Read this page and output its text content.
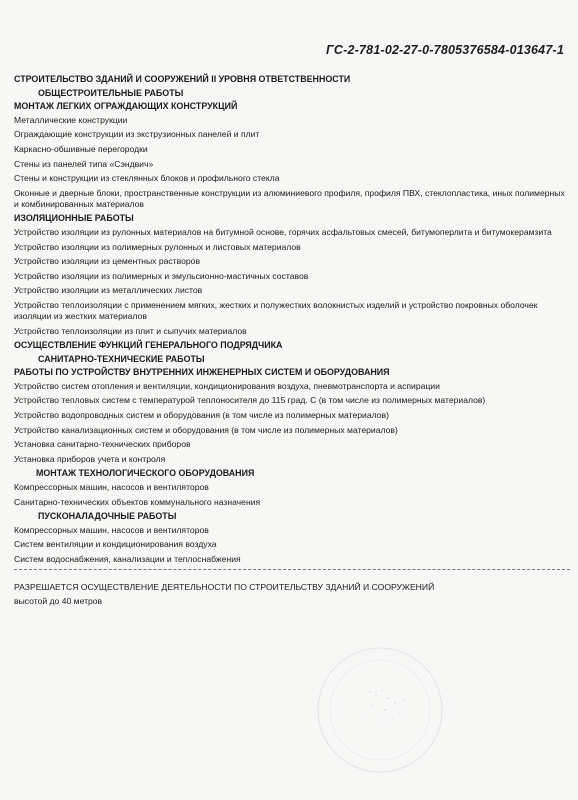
ГС-2-781-02-27-0-7805376584-013647-1
СТРОИТЕЛЬСТВО ЗДАНИЙ И СООРУЖЕНИЙ II УРОВНЯ ОТВЕТСТВЕННОСТИ
ОБЩЕСТРОИТЕЛЬНЫЕ РАБОТЫ
МОНТАЖ ЛЕГКИХ ОГРАЖДАЮЩИХ КОНСТРУКЦИЙ
Металлические конструкции
Ограждающие конструкции из экструзионных панелей и плит
Каркасно-обшивные перегородки
Стены из панелей типа «Сэндвич»
Стены и конструкции из стеклянных блоков и профильного стекла
Оконные и дверные блоки, пространственные конструкции из алюминиевого профиля, профиля ПВХ, стеклопластика, иных полимерных и комбинированных материалов
ИЗОЛЯЦИОННЫЕ РАБОТЫ
Устройство изоляции из рулонных материалов на битумной основе, горячих асфальтовых смесей, битумоперлита и битумокерамзита
Устройство изоляции из полимерных рулонных и листовых материалов
Устройство изоляции из цементных растворов
Устройство изоляции из полимерных и эмульсионно-мастичных составов
Устройство изоляции из металлических листов
Устройство теплоизоляции с применением мягких, жестких и полужестких волокнистых изделий и устройство покровных оболочек изоляции из жестких материалов
Устройство теплоизоляции из плит и сыпучих материалов
ОСУЩЕСТВЛЕНИЕ ФУНКЦИЙ ГЕНЕРАЛЬНОГО ПОДРЯДЧИКА
САНИТАРНО-ТЕХНИЧЕСКИЕ РАБОТЫ
РАБОТЫ ПО УСТРОЙСТВУ ВНУТРЕННИХ ИНЖЕНЕРНЫХ СИСТЕМ И ОБОРУДОВАНИЯ
Устройство систем отопления и вентиляции, кондиционирования воздуха, пневмотранспорта и аспирации
Устройство тепловых систем с температурой теплоносителя до 115 град. С (в том числе из полимерных материалов)
Устройство водопроводных систем и оборудования (в том числе из полимерных материалов)
Устройство канализационных систем и оборудования (в том числе из полимерных материалов)
Установка санитарно-технических приборов
Установка приборов учета и контроля
МОНТАЖ ТЕХНОЛОГИЧЕСКОГО ОБОРУДОВАНИЯ
Компрессорных машин, насосов и вентиляторов
Санитарно-технических объектов коммунального назначения
ПУСКОНАЛАДОЧНЫЕ РАБОТЫ
Компрессорных машин, насосов и вентиляторов
Систем вентиляции и кондиционирования воздуха
Систем водоснабжения, канализации и теплоснабжения
РАЗРЕШАЕТСЯ ОСУЩЕСТВЛЕНИЕ ДЕЯТЕЛЬНОСТИ ПО СТРОИТЕЛЬСТВУ ЗДАНИЙ И СООРУЖЕНИЙ
высотой до 40 метров
